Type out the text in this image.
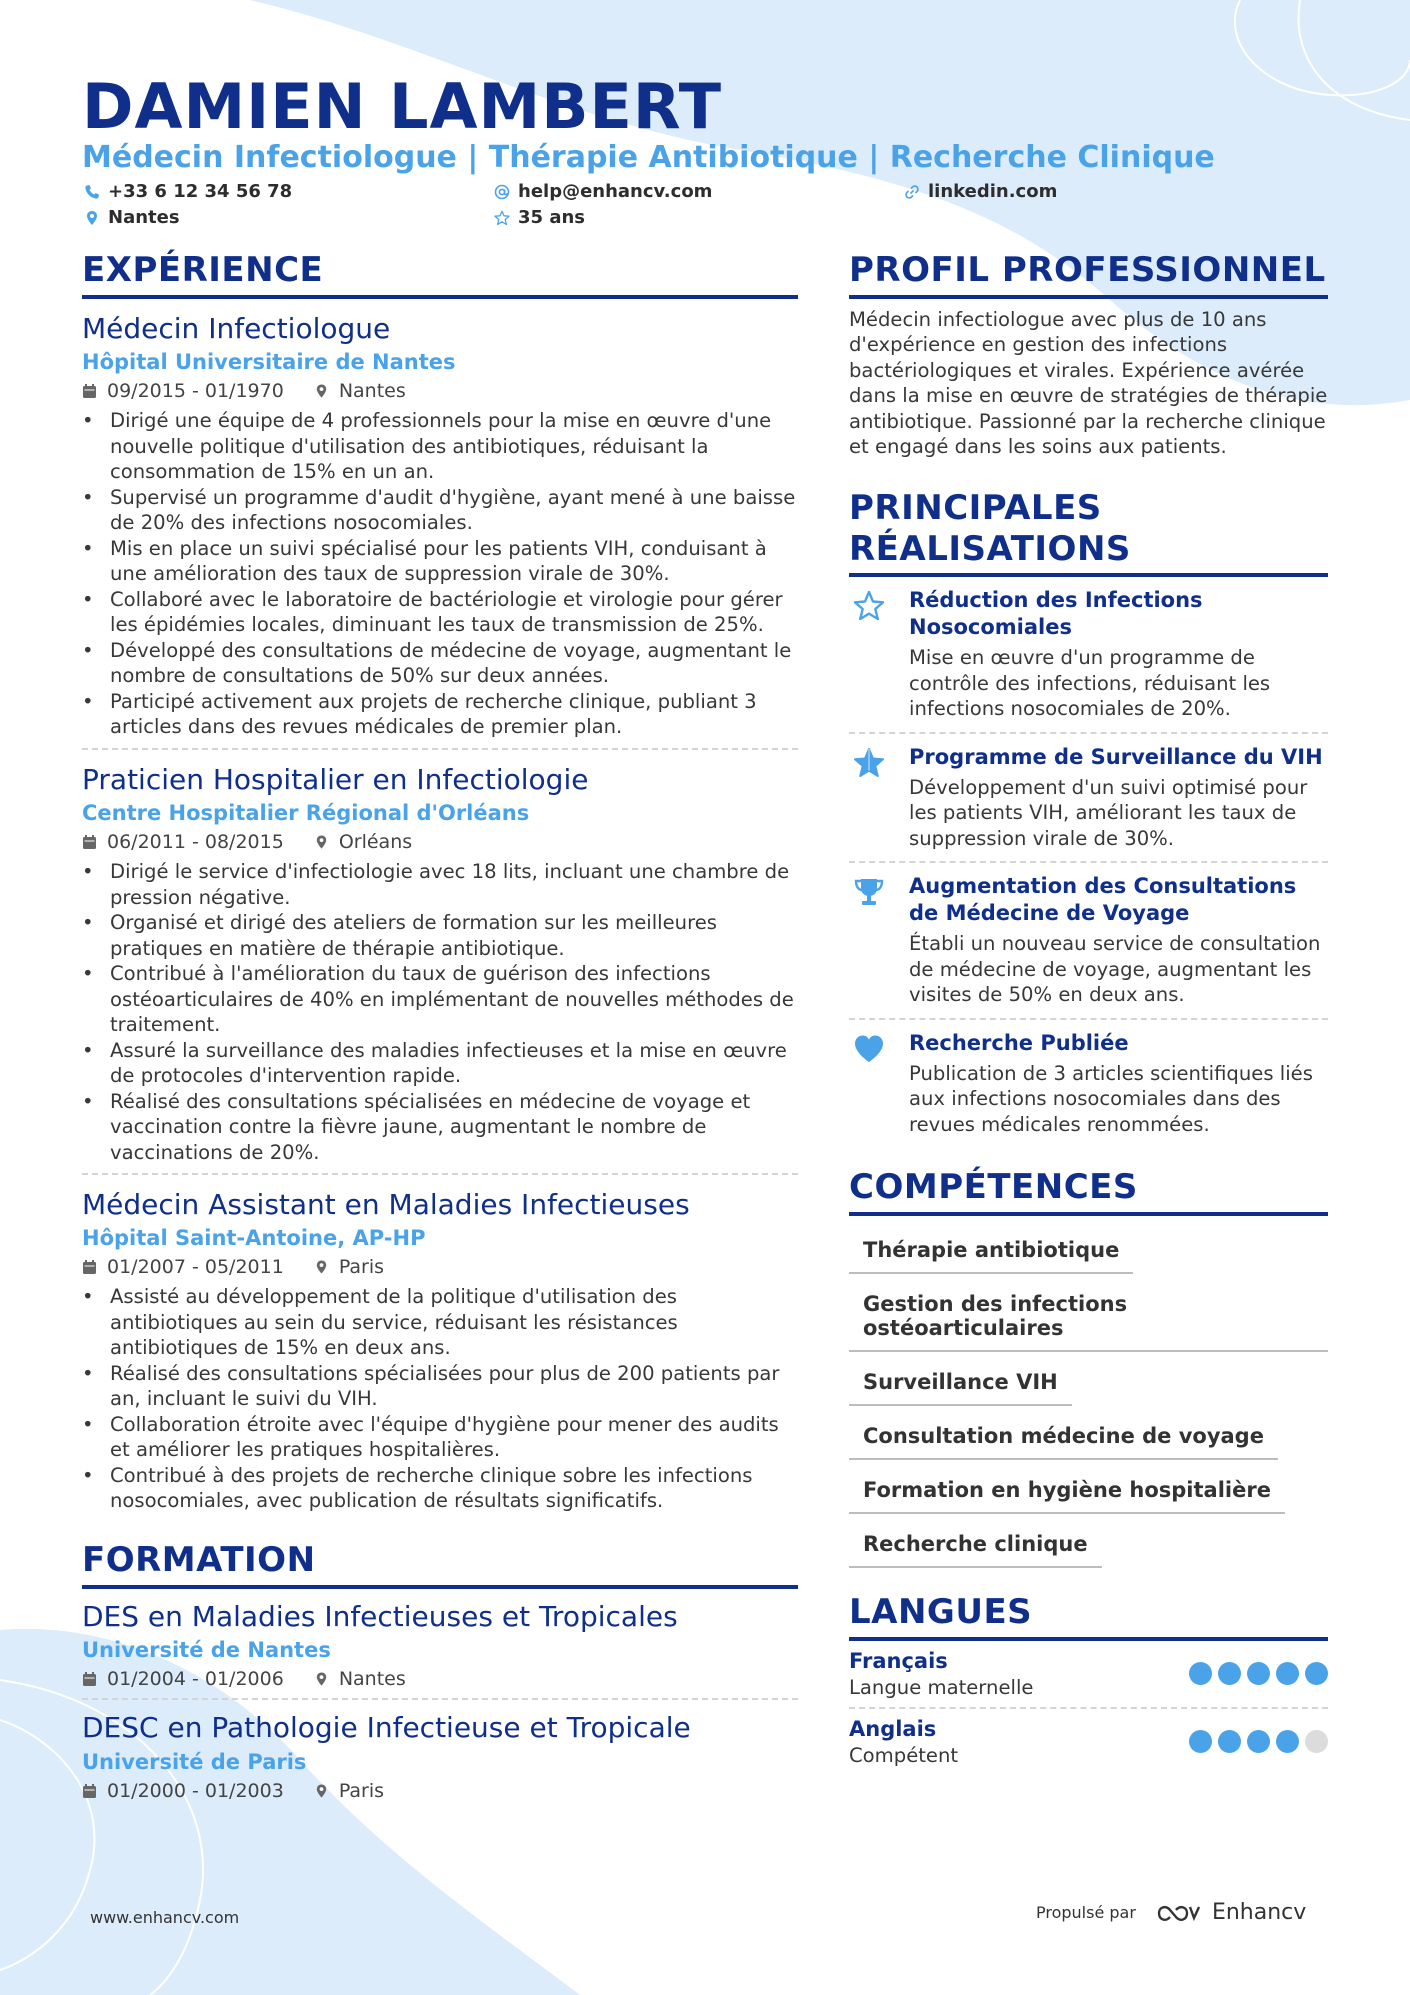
DAMIEN LAMBERT
Médecin Infectiologue | Thérapie Antibiotique | Recherche Clinique
+33 6 12 34 56 78	help@enhancv.com	linkedin.com
Nantes	35 ans
EXPÉRIENCE
Médecin Infectiologue
Hôpital Universitaire de Nantes
09/2015 - 01/1970	Nantes
• Dirigé une équipe de 4 professionnels pour la mise en œuvre d'une nouvelle politique d'utilisation des antibiotiques, réduisant la consommation de 15% en un an.
• Supervisé un programme d'audit d'hygiène, ayant mené à une baisse de 20% des infections nosocomiales.
• Mis en place un suivi spécialisé pour les patients VIH, conduisant à une amélioration des taux de suppression virale de 30%.
• Collaboré avec le laboratoire de bactériologie et virologie pour gérer les épidémies locales, diminuant les taux de transmission de 25%.
• Développé des consultations de médecine de voyage, augmentant le nombre de consultations de 50% sur deux années.
• Participé activement aux projets de recherche clinique, publiant 3 articles dans des revues médicales de premier plan.
Praticien Hospitalier en Infectiologie
Centre Hospitalier Régional d'Orléans
06/2011 - 08/2015	Orléans
• Dirigé le service d'infectiologie avec 18 lits, incluant une chambre de pression négative.
• Organisé et dirigé des ateliers de formation sur les meilleures pratiques en matière de thérapie antibiotique.
• Contribué à l'amélioration du taux de guérison des infections ostéoarticulaires de 40% en implémentant de nouvelles méthodes de traitement.
• Assuré la surveillance des maladies infectieuses et la mise en œuvre de protocoles d'intervention rapide.
• Réalisé des consultations spécialisées en médecine de voyage et vaccination contre la fièvre jaune, augmentant le nombre de vaccinations de 20%.
Médecin Assistant en Maladies Infectieuses
Hôpital Saint-Antoine, AP-HP
01/2007 - 05/2011	Paris
• Assisté au développement de la politique d'utilisation des antibiotiques au sein du service, réduisant les résistances antibiotiques de 15% en deux ans.
• Réalisé des consultations spécialisées pour plus de 200 patients par an, incluant le suivi du VIH.
• Collaboration étroite avec l'équipe d'hygiène pour mener des audits et améliorer les pratiques hospitalières.
• Contribué à des projets de recherche clinique sobre les infections nosocomiales, avec publication de résultats significatifs.
FORMATION
DES en Maladies Infectieuses et Tropicales
Université de Nantes
01/2004 - 01/2006	Nantes
DESC en Pathologie Infectieuse et Tropicale
Université de Paris
01/2000 - 01/2003	Paris
PROFIL PROFESSIONNEL
Médecin infectiologue avec plus de 10 ans d'expérience en gestion des infections bactériologiques et virales. Expérience avérée dans la mise en œuvre de stratégies de thérapie antibiotique. Passionné par la recherche clinique et engagé dans les soins aux patients.
PRINCIPALES
RÉALISATIONS
Réduction des Infections Nosocomiales
Mise en œuvre d'un programme de contrôle des infections, réduisant les infections nosocomiales de 20%.
Programme de Surveillance du VIH
Développement d'un suivi optimisé pour les patients VIH, améliorant les taux de suppression virale de 30%.
Augmentation des Consultations de Médecine de Voyage
Établi un nouveau service de consultation de médecine de voyage, augmentant les visites de 50% en deux ans.
Recherche Publiée
Publication de 3 articles scientifiques liés aux infections nosocomiales dans des revues médicales renommées.
COMPÉTENCES
Thérapie antibiotique
Gestion des infections ostéoarticulaires
Surveillance VIH
Consultation médecine de voyage
Formation en hygiène hospitalière
Recherche clinique
LANGUES
Français
Langue maternelle
Anglais
Compétent
www.enhancv.com	Propulsé par	Enhancv
